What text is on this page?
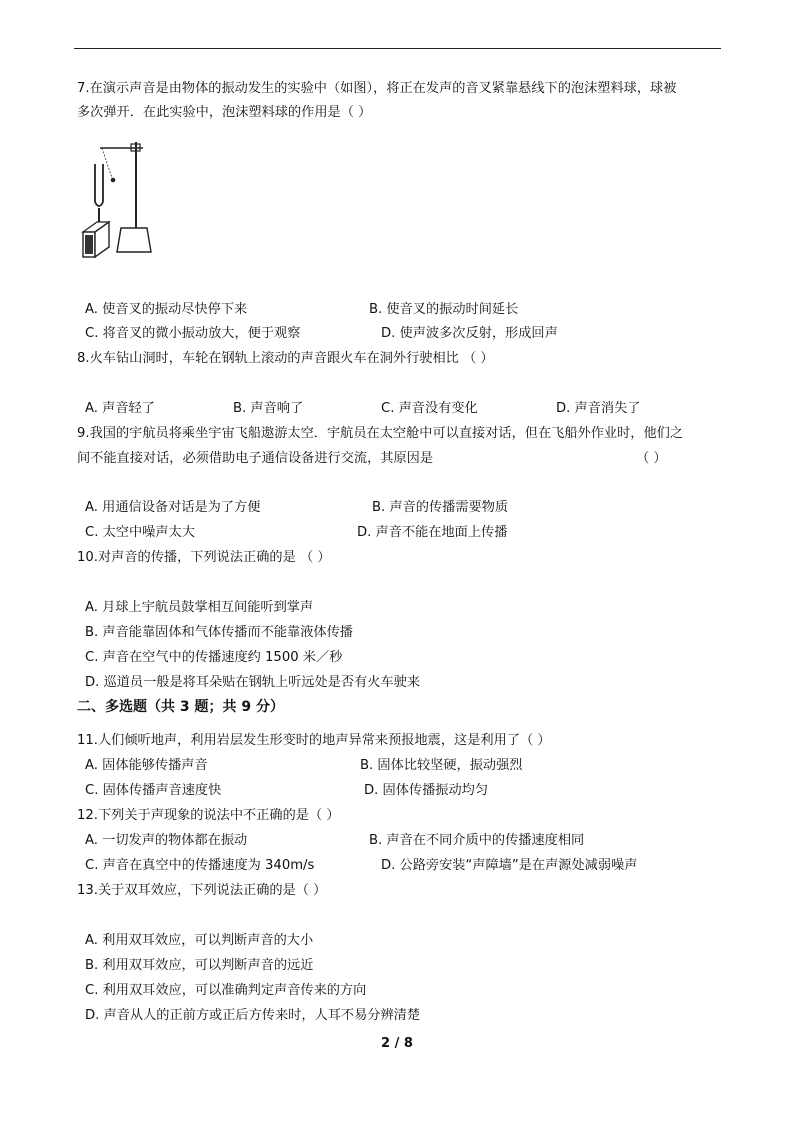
7.在演示声音是由物体的振动发生的实验中（如图），将正在发声的音叉紧靠悬线下的泡沫塑料球，球被
多次弹开．在此实验中，泡沫塑料球的作用是（ ）
A. 使音叉的振动尽快停下来	B. 使音叉的振动时间延长
C. 将音叉的微小振动放大，便于观察	D. 使声波多次反射，形成回声
8.火车钻山洞时，车轮在钢轨上滚动的声音跟火车在洞外行驶相比 （ ）
A. 声音轻了	B. 声音响了	C. 声音没有变化	D. 声音消失了
9.我国的宇航员将乘坐宇宙飞船遨游太空．宇航员在太空舱中可以直接对话，但在飞船外作业时，他们之
间不能直接对话，必须借助电子通信设备进行交流，其原因是	（ ）
A. 用通信设备对话是为了方便	B. 声音的传播需要物质
C. 太空中噪声太大	D. 声音不能在地面上传播
10.对声音的传播，下列说法正确的是 （ ）
A. 月球上宇航员鼓掌相互间能听到掌声
B. 声音能靠固体和气体传播而不能靠液体传播
C. 声音在空气中的传播速度约 1500 米／秒
D. 巡道员一般是将耳朵贴在钢轨上听远处是否有火车驶来
二、多选题（共 3 题；共 9 分）
11.人们倾听地声，利用岩层发生形变时的地声异常来预报地震，这是利用了（ ）
A. 固体能够传播声音	B. 固体比较坚硬，振动强烈
C. 固体传播声音速度快	D. 固体传播振动均匀
12.下列关于声现象的说法中不正确的是（ ）
A. 一切发声的物体都在振动	B. 声音在不同介质中的传播速度相同
C. 声音在真空中的传播速度为 340m/s	D. 公路旁安装“声障墙”是在声源处减弱噪声
13.关于双耳效应，下列说法正确的是（ ）
A. 利用双耳效应，可以判断声音的大小
B. 利用双耳效应，可以判断声音的远近
C. 利用双耳效应，可以准确判定声音传来的方向
D. 声音从人的正前方或正后方传来时，人耳不易分辨清楚
2 / 8
